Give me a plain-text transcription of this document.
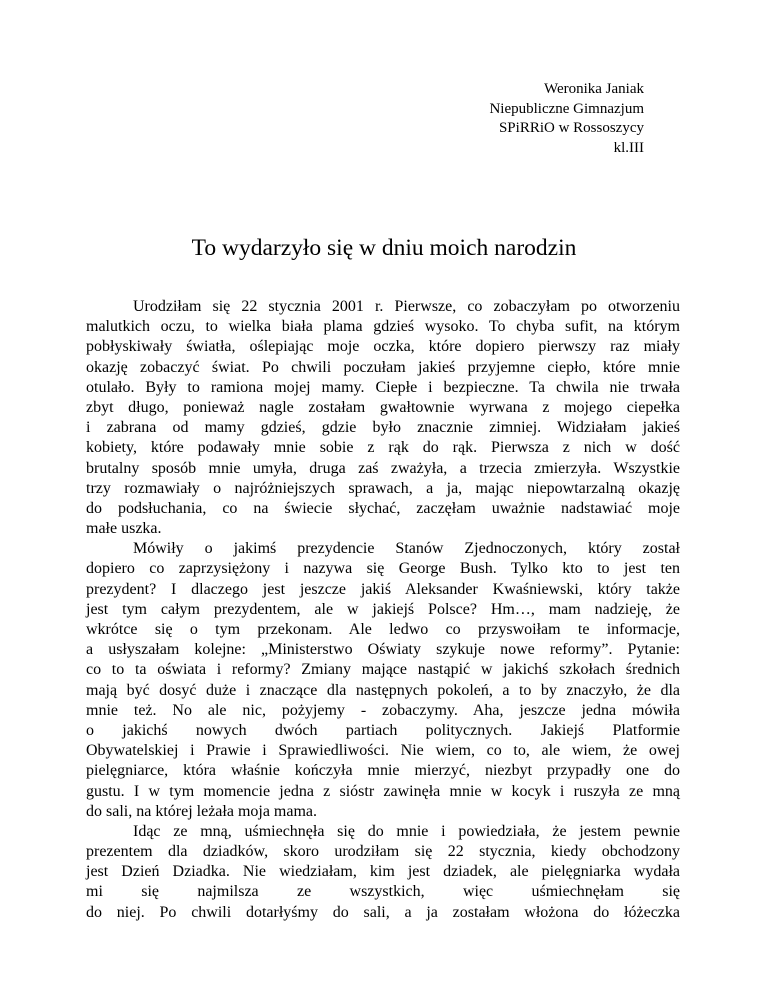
Weronika Janiak
Niepubliczne Gimnazjum
SPiRRiO w Rossoszycy
kl.III
To wydarzyło się w dniu moich narodzin
Urodziłam się 22 stycznia 2001 r. Pierwsze, co zobaczyłam po otworzeniu
malutkich oczu, to wielka biała plama gdzieś wysoko. To chyba sufit, na którym
pobłyskiwały światła, oślepiając moje oczka, które dopiero pierwszy raz miały
okazję zobaczyć świat. Po chwili poczułam jakieś przyjemne ciepło, które mnie
otulało. Były to ramiona mojej mamy. Ciepłe i bezpieczne. Ta chwila nie trwała
zbyt długo, ponieważ nagle zostałam gwałtownie wyrwana z mojego ciepełka
i zabrana od mamy gdzieś, gdzie było znacznie zimniej. Widziałam jakieś
kobiety, które podawały mnie sobie z rąk do rąk. Pierwsza z nich w dość
brutalny sposób mnie umyła, druga zaś zważyła, a trzecia zmierzyła. Wszystkie
trzy rozmawiały o najróżniejszych sprawach, a ja, mając niepowtarzalną okazję
do podsłuchania, co na świecie słychać, zaczęłam uważnie nadstawiać moje
małe uszka.
Mówiły o jakimś prezydencie Stanów Zjednoczonych, który został
dopiero co zaprzysiężony i nazywa się George Bush. Tylko kto to jest ten
prezydent? I dlaczego jest jeszcze jakiś Aleksander Kwaśniewski, który także
jest tym całym prezydentem, ale w jakiejś Polsce? Hm…, mam nadzieję, że
wkrótce się o tym przekonam. Ale ledwo co przyswoiłam te informacje,
a usłyszałam kolejne: „Ministerstwo Oświaty szykuje nowe reformy”. Pytanie:
co to ta oświata i reformy? Zmiany mające nastąpić w jakichś szkołach średnich
mają być dosyć duże i znaczące dla następnych pokoleń, a to by znaczyło, że dla
mnie też. No ale nic, pożyjemy - zobaczymy. Aha, jeszcze jedna mówiła
o jakichś nowych dwóch partiach politycznych. Jakiejś Platformie
Obywatelskiej i Prawie i Sprawiedliwości. Nie wiem, co to, ale wiem, że owej
pielęgniarce, która właśnie kończyła mnie mierzyć, niezbyt przypadły one do
gustu. I w tym momencie jedna z sióstr zawinęła mnie w kocyk i ruszyła ze mną
do sali, na której leżała moja mama.
Idąc ze mną, uśmiechnęła się do mnie i powiedziała, że jestem pewnie
prezentem dla dziadków, skoro urodziłam się 22 stycznia, kiedy obchodzony
jest Dzień Dziadka. Nie wiedziałam, kim jest dziadek, ale pielęgniarka wydała
mi się najmilsza ze wszystkich, więc uśmiechnęłam się
do niej. Po chwili dotarłyśmy do sali, a ja zostałam włożona do łóżeczka
